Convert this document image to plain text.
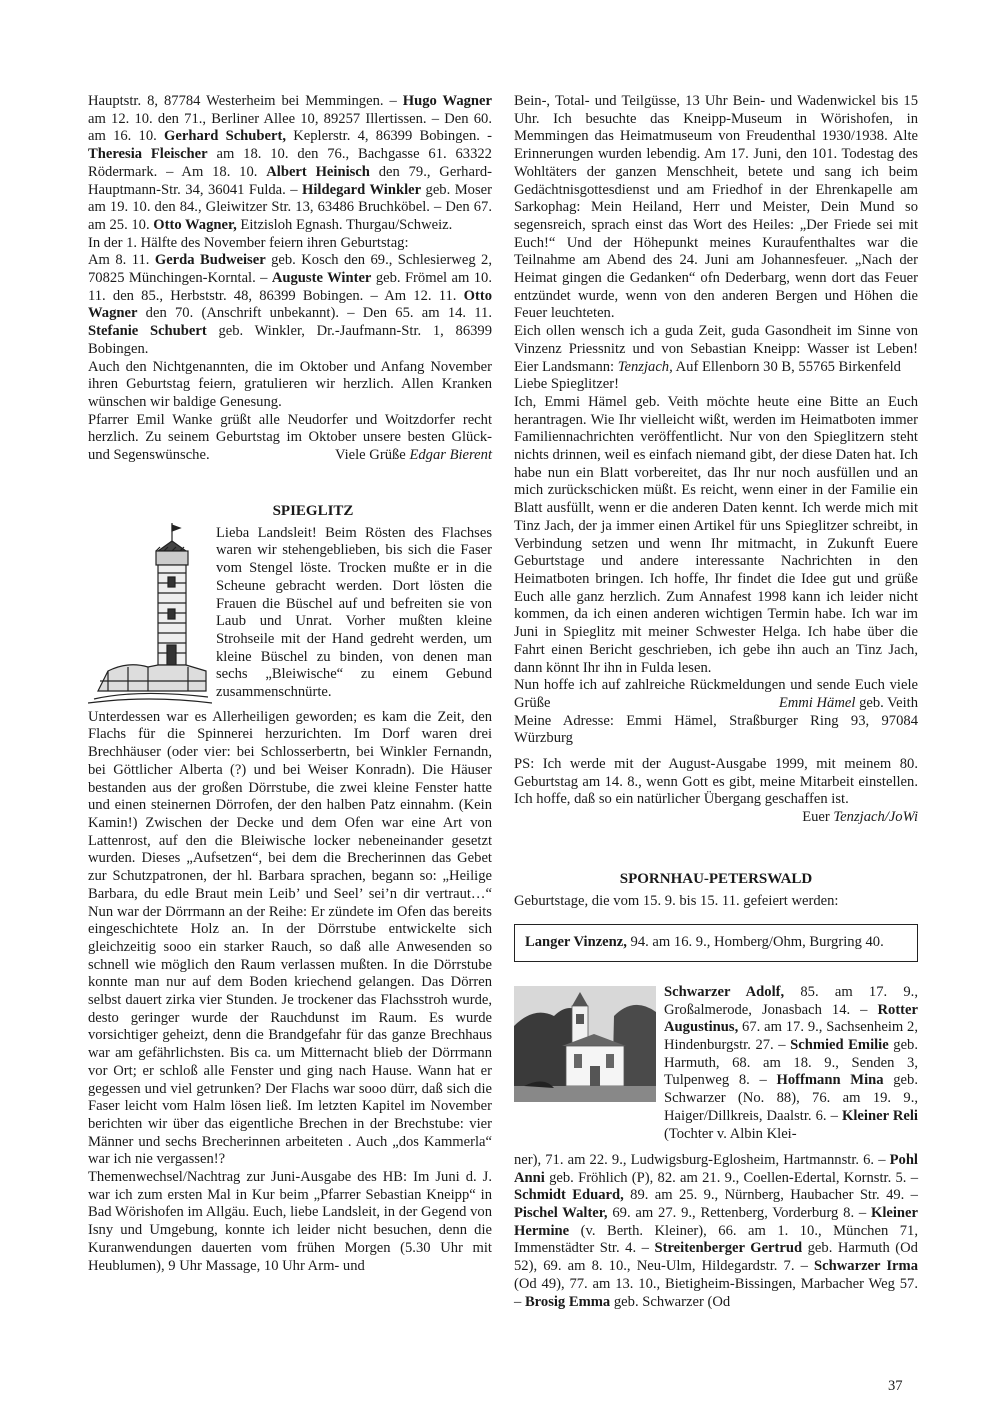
Hauptstr. 8, 87784 Westerheim bei Memmingen. – Hugo Wagner am 12. 10. den 71., Berliner Allee 10, 89257 Illertissen. – Den 60. am 16. 10. Gerhard Schubert, Keplerstr. 4, 86399 Bobingen. - Theresia Fleischer am 18. 10. den 76., Bachgasse 61. 63322 Rödermark. – Am 18. 10. Albert Heinisch den 79., Gerhard-Hauptmann-Str. 34, 36041 Fulda. – Hildegard Winkler geb. Moser am 19. 10. den 84., Gleiwitzer Str. 13, 63486 Bruchköbel. – Den 67. am 25. 10. Otto Wagner, Eitzisloh Egnash. Thurgau/Schweiz.

In der 1. Hälfte des November feiern ihren Geburtstag:

Am 8. 11. Gerda Budweiser geb. Kosch den 69., Schlesierweg 2, 70825 Münchingen-Korntal. – Auguste Winter geb. Frömel am 10. 11. den 85., Herbststr. 48, 86399 Bobingen. – Am 12. 11. Otto Wagner den 70. (Anschrift unbekannt). – Den 65. am 14. 11. Stefanie Schubert geb. Winkler, Dr.-Jaufmann-Str. 1, 86399 Bobingen.

Auch den Nichtgenannten, die im Oktober und Anfang November ihren Geburtstag feiern, gratulieren wir herzlich. Allen Kranken wünschen wir baldige Genesung.

Pfarrer Emil Wanke grüßt alle Neudorfer und Woitzdorfer recht herzlich. Zu seinem Geburtstag im Oktober unsere besten Glück- und Segenswünsche.	Viele Grüße Edgar Bierent

SPIEGLITZ

Lieba Landsleit! Beim Rösten des Flachses waren wir stehengeblieben, bis sich die Faser vom Stengel löste. Trocken mußte er in die Scheune gebracht werden. Dort lösten die Frauen die Büschel auf und befreiten sie von Laub und Unrat. Vorher mußten kleine Strohseile mit der Hand gedreht werden, um kleine Büschel zu binden, von denen man sechs „Bleiwische“ zu einem Gebund zusammenschnürte.

Unterdessen war es Allerheiligen geworden; es kam die Zeit, den Flachs für die Spinnerei herzurichten. Im Dorf waren drei Brechhäuser (oder vier: bei Schlosserbertn, bei Winkler Fernandn, bei Göttlicher Alberta (?) und bei Weiser Konradn). Die Häuser bestanden aus der großen Dörrstube, die zwei kleine Fenster hatte und einen steinernen Dörrofen, der den halben Patz einnahm. (Kein Kamin!) Zwischen der Decke und dem Ofen war eine Art von Lattenrost, auf den die Bleiwische locker nebeneinander gesetzt wurden. Dieses „Aufsetzen“, bei dem die Brecherinnen das Gebet zur Schutzpatronen, der hl. Barbara sprachen, begann so: „Heilige Barbara, du edle Braut mein Leib’ und Seel’ sei’n dir vertraut…“ Nun war der Dörrmann an der Reihe: Er zündete im Ofen das bereits eingeschichtete Holz an. In der Dörrstube entwickelte sich gleichzeitig sooo ein starker Rauch, so daß alle Anwesenden so schnell wie möglich den Raum verlassen mußten. In die Dörrstube konnte man nur auf dem Boden kriechend gelangen. Das Dörren selbst dauert zirka vier Stunden. Je trockener das Flachsstroh wurde, desto geringer wurde der Rauchdunst im Raum. Es wurde vorsichtiger geheizt, denn die Brandgefahr für das ganze Brechhaus war am gefährlichsten. Bis ca. um Mitternacht blieb der Dörrmann vor Ort; er schloß alle Fenster und ging nach Hause. Wann hat er gegessen und viel getrunken? Der Flachs war sooo dürr, daß sich die Faser leicht vom Halm lösen ließ. Im letzten Kapitel im November berichten wir über das eigentliche Brechen in der Brechstube: vier Männer und sechs Brecherinnen arbeiteten . Auch „dos Kammerla“ war ich nie vergassen!?

Themenwechsel/Nachtrag zur Juni-Ausgabe des HB: Im Juni d. J. war ich zum ersten Mal in Kur beim „Pfarrer Sebastian Kneipp“ in Bad Wörishofen im Allgäu. Euch, liebe Landsleit, in der Gegend von Isny und Umgebung, konnte ich leider nicht besuchen, denn die Kuranwendungen dauerten vom frühen Morgen (5.30 Uhr mit Heublumen), 9 Uhr Massage, 10 Uhr Arm- und

Bein-, Total- und Teilgüsse, 13 Uhr Bein- und Wadenwickel bis 15 Uhr. Ich besuchte das Kneipp-Museum in Wörishofen, in Memmingen das Heimatmuseum von Freudenthal 1930/1938. Alte Erinnerungen wurden lebendig. Am 17. Juni, den 101. Todestag des Wohltäters der ganzen Menschheit, betete und sang ich beim Gedächtnisgottesdienst und am Friedhof in der Ehrenkapelle am Sarkophag: Mein Heiland, Herr und Meister, Dein Mund so segensreich, sprach einst das Wort des Heiles: „Der Friede sei mit Euch!“ Und der Höhepunkt meines Kuraufenthaltes war die Teilnahme am Abend des 24. Juni am Johannesfeuer. „Nach der Heimat gingen die Gedanken“ ofn Dederbarg, wenn dort das Feuer entzündet wurde, wenn von den anderen Bergen und Höhen die Feuer leuchteten.

Eich ollen wensch ich a guda Zeit, guda Gasondheit im Sinne von Vinzenz Priessnitz und von Sebastian Kneipp: Wasser ist Leben! Eier Landsmann: Tenzjach, Auf Ellenborn 30 B, 55765 Birkenfeld

Liebe Spieglitzer!

Ich, Emmi Hämel geb. Veith möchte heute eine Bitte an Euch herantragen. Wie Ihr vielleicht wißt, werden im Heimatboten immer Familiennachrichten veröffentlicht. Nur von den Spieglitzern steht nichts drinnen, weil es einfach niemand gibt, der diese Daten hat. Ich habe nun ein Blatt vorbereitet, das Ihr nur noch ausfüllen und an mich zurückschicken müßt. Es reicht, wenn einer in der Familie ein Blatt ausfüllt, wenn er die anderen Daten kennt. Ich werde mich mit Tinz Jach, der ja immer einen Artikel für uns Spieglitzer schreibt, in Verbindung setzen und wenn Ihr mitmacht, in Zukunft Euere Geburtstage und andere interessante Nachrichten in den Heimatboten bringen. Ich hoffe, Ihr findet die Idee gut und grüße Euch alle ganz herzlich. Zum Annafest 1998 kann ich leider nicht kommen, da ich einen anderen wichtigen Termin habe. Ich war im Juni in Spieglitz mit meiner Schwester Helga. Ich habe über die Fahrt einen Bericht geschrieben, ich gebe ihn auch an Tinz Jach, dann könnt Ihr ihn in Fulda lesen.

Nun hoffe ich auf zahlreiche Rückmeldungen und sende Euch viele Grüße	Emmi Hämel geb. Veith

Meine Adresse: Emmi Hämel, Straßburger Ring 93, 97084 Würzburg

PS: Ich werde mit der August-Ausgabe 1999, mit meinem 80. Geburtstag am 14. 8., wenn Gott es gibt, meine Mitarbeit einstellen. Ich hoffe, daß so ein natürlicher Übergang geschaffen ist.

Euer Tenzjach/JoWi

SPORNHAU-PETERSWALD

Geburtstage, die vom 15. 9. bis 15. 11. gefeiert werden:

Langer Vinzenz, 94. am 16. 9., Homberg/Ohm, Burgring 40.

Schwarzer Adolf, 85. am 17. 9., Großalmerode, Jonasbach 14. – Rotter Augustinus, 67. am 17. 9., Sachsenheim 2, Hindenburgstr. 27. – Schmied Emilie geb. Harmuth, 68. am 18. 9., Senden 3, Tulpenweg 8. – Hoffmann Mina geb. Schwarzer (No. 88), 76. am 19. 9., Haiger/Dillkreis, Daalstr. 6. – Kleiner Reli (Tochter v. Albin Klei-

ner), 71. am 22. 9., Ludwigsburg-Eglosheim, Hartmannstr. 6. – Pohl Anni geb. Fröhlich (P), 82. am 21. 9., Coellen-Edertal, Kornstr. 5. – Schmidt Eduard, 89. am 25. 9., Nürnberg, Haubacher Str. 49. – Pischel Walter, 69. am 27. 9., Rettenberg, Vorderburg 8. – Kleiner Hermine (v. Berth. Kleiner), 66. am 1. 10., München 71, Immenstädter Str. 4. – Streitenberger Gertrud geb. Harmuth (Od 52), 69. am 8. 10., Neu-Ulm, Hildegardstr. 7. – Schwarzer Irma (Od 49), 77. am 13. 10., Bietigheim-Bissingen, Marbacher Weg 57. – Brosig Emma geb. Schwarzer (Od

37
